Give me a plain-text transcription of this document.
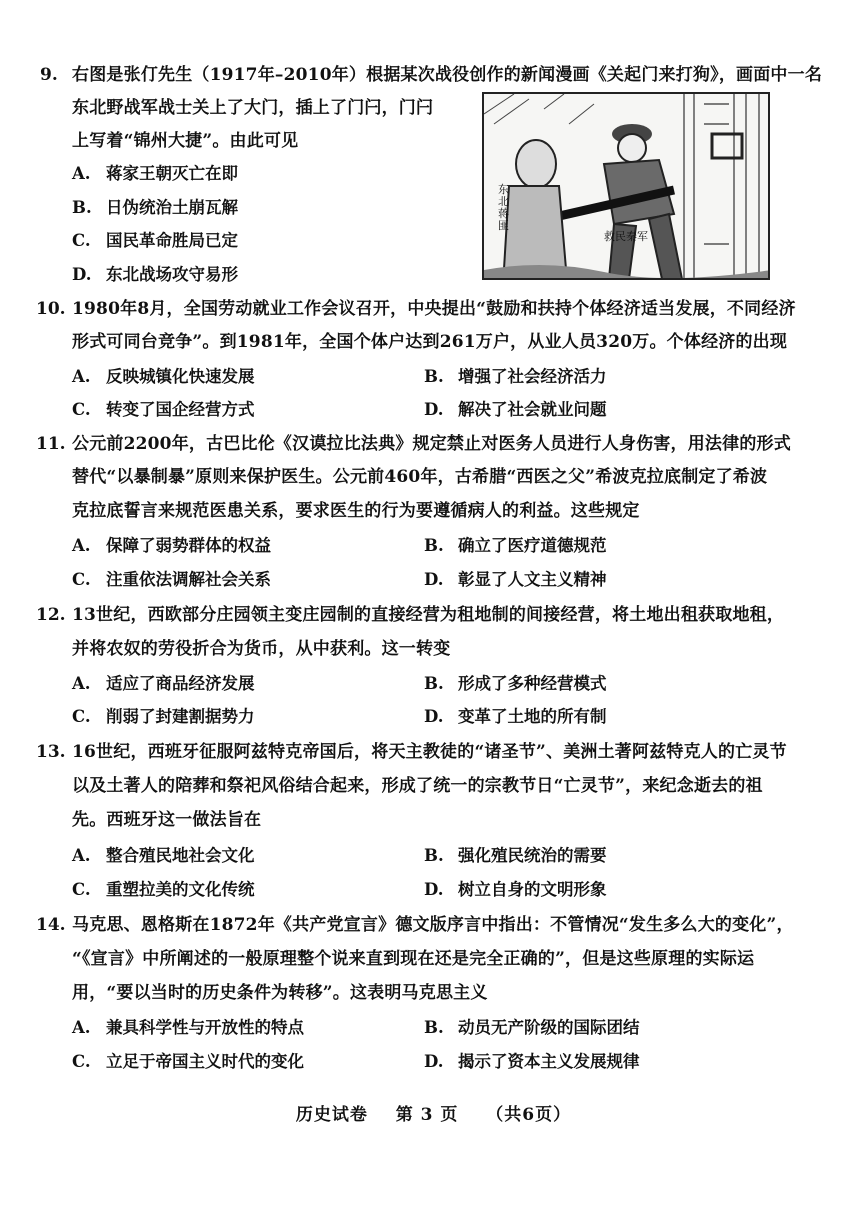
9. 右图是张仃先生（1917年–2010年）根据某次战役创作的新闻漫画《关起门来打狗》，画面中一名
东北野战军战士关上了大门，插上了门闩，门闩
上写着“锦州大捷”。由此可见
A. 蒋家王朝灭亡在即
B. 日伪统治土崩瓦解
C. 国民革命胜局已定
D. 东北战场攻守易形
东北蒋匪
救民秦军
10. 1980年8月，全国劳动就业工作会议召开，中央提出“鼓励和扶持个体经济适当发展，不同经济
形式可同台竞争”。到1981年，全国个体户达到261万户，从业人员320万。个体经济的出现
A. 反映城镇化快速发展	B. 增强了社会经济活力
C. 转变了国企经营方式	D. 解决了社会就业问题
11. 公元前2200年，古巴比伦《汉谟拉比法典》规定禁止对医务人员进行人身伤害，用法律的形式
替代“以暴制暴”原则来保护医生。公元前460年，古希腊“西医之父”希波克拉底制定了希波
克拉底誓言来规范医患关系，要求医生的行为要遵循病人的利益。这些规定
A. 保障了弱势群体的权益	B. 确立了医疗道德规范
C. 注重依法调解社会关系	D. 彰显了人文主义精神
12. 13世纪，西欧部分庄园领主变庄园制的直接经营为租地制的间接经营，将土地出租获取地租，
并将农奴的劳役折合为货币，从中获利。这一转变
A. 适应了商品经济发展	B. 形成了多种经营模式
C. 削弱了封建割据势力	D. 变革了土地的所有制
13. 16世纪，西班牙征服阿兹特克帝国后，将天主教徒的“诸圣节”、美洲土著阿兹特克人的亡灵节
以及土著人的陪葬和祭祀风俗结合起来，形成了统一的宗教节日“亡灵节”，来纪念逝去的祖
先。西班牙这一做法旨在
A. 整合殖民地社会文化	B. 强化殖民统治的需要
C. 重塑拉美的文化传统	D. 树立自身的文明形象
14. 马克思、恩格斯在1872年《共产党宣言》德文版序言中指出：不管情况“发生多么大的变化”，
“《宣言》中所阐述的一般原理整个说来直到现在还是完全正确的”，但是这些原理的实际运
用，“要以当时的历史条件为转移”。这表明马克思主义
A. 兼具科学性与开放性的特点	B. 动员无产阶级的国际团结
C. 立足于帝国主义时代的变化	D. 揭示了资本主义发展规律
历史试卷 第 3 页 （共6页）
